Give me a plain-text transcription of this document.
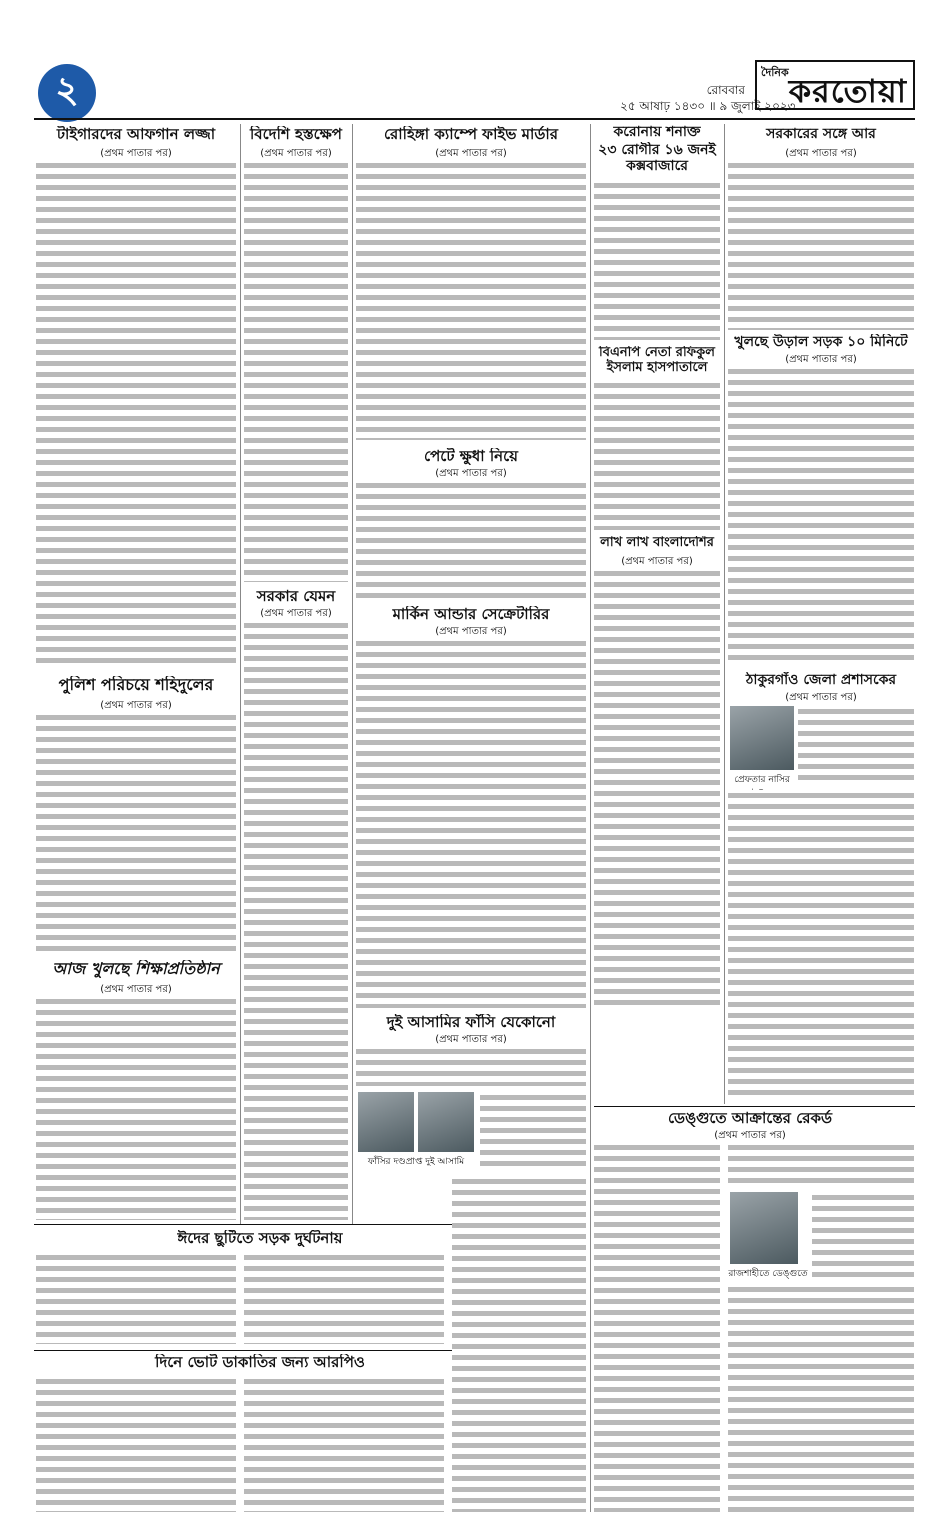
২	রোববার
২৫ আষাঢ় ১৪৩০ ॥ ৯ জুলাই ২০২৩
দৈনিক করতোয়া
টাইগারদের আফগান লজ্জা
(প্রথম পাতার পর)
পুলিশ পরিচয়ে শহিদুলের
(প্রথম পাতার পর)
আজ খুলছে শিক্ষাপ্রতিষ্ঠান
(প্রথম পাতার পর)
ঈদের ছুটিতে সড়ক দুর্ঘটনায়
দিনে ভোট ডাকাতির জন্য আরপিও
বিদেশি হস্তক্ষেপ
(প্রথম পাতার পর)
সরকার যেমন
(প্রথম পাতার পর)
রোহিঙ্গা ক্যাম্পে ফাইভ মার্ডার
(প্রথম পাতার পর)
পেটে ক্ষুধা নিয়ে
(প্রথম পাতার পর)
মার্কিন আন্ডার সেক্রেটারির
(প্রথম পাতার পর)
দুই আসামির ফাঁসি যেকোনো
(প্রথম পাতার পর)
ফাঁসির দণ্ডপ্রাপ্ত দুই আসামি
করোনায় শনাক্ত
২৩ রোগীর ১৬ জনই কক্সবাজারে
বিএনপি নেতা রফিকুল ইসলাম হাসপাতালে
লাখ লাখ বাংলাদেশির
(প্রথম পাতার পর)
সরকারের সঙ্গে আর
(প্রথম পাতার পর)
খুলছে উড়াল সড়ক ১০ মিনিটে
(প্রথম পাতার পর)
ঠাকুরগাঁও জেলা প্রশাসকের
(প্রথম পাতার পর)
প্রেফতার নাসির
ডেঙ্গুতে আক্রান্তের রেকর্ড
(প্রথম পাতার পর)
রাজশাহীতে ডেঙ্গুতে
